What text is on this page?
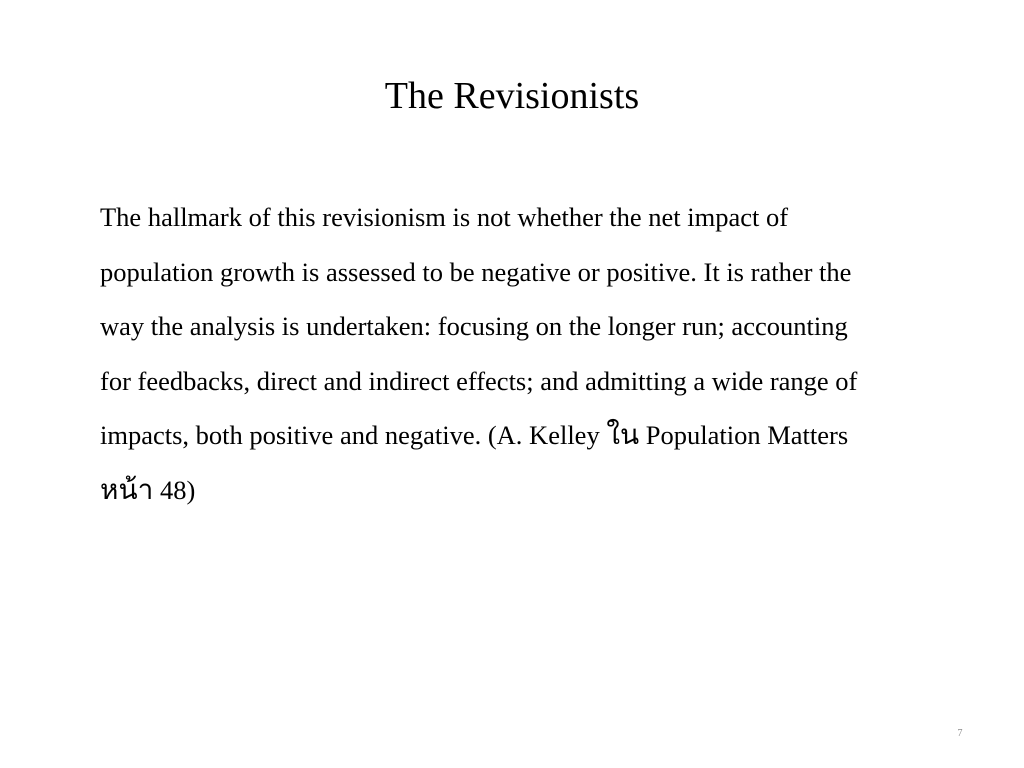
The Revisionists
The hallmark of this revisionism is not whether the net impact of
population growth is assessed to be negative or positive. It is rather the
way the analysis is undertaken: focusing on the longer run; accounting
for feedbacks, direct and indirect effects; and admitting a wide range of
impacts, both positive and negative. (A. Kelley ใน Population Matters
หน้า 48)
7
